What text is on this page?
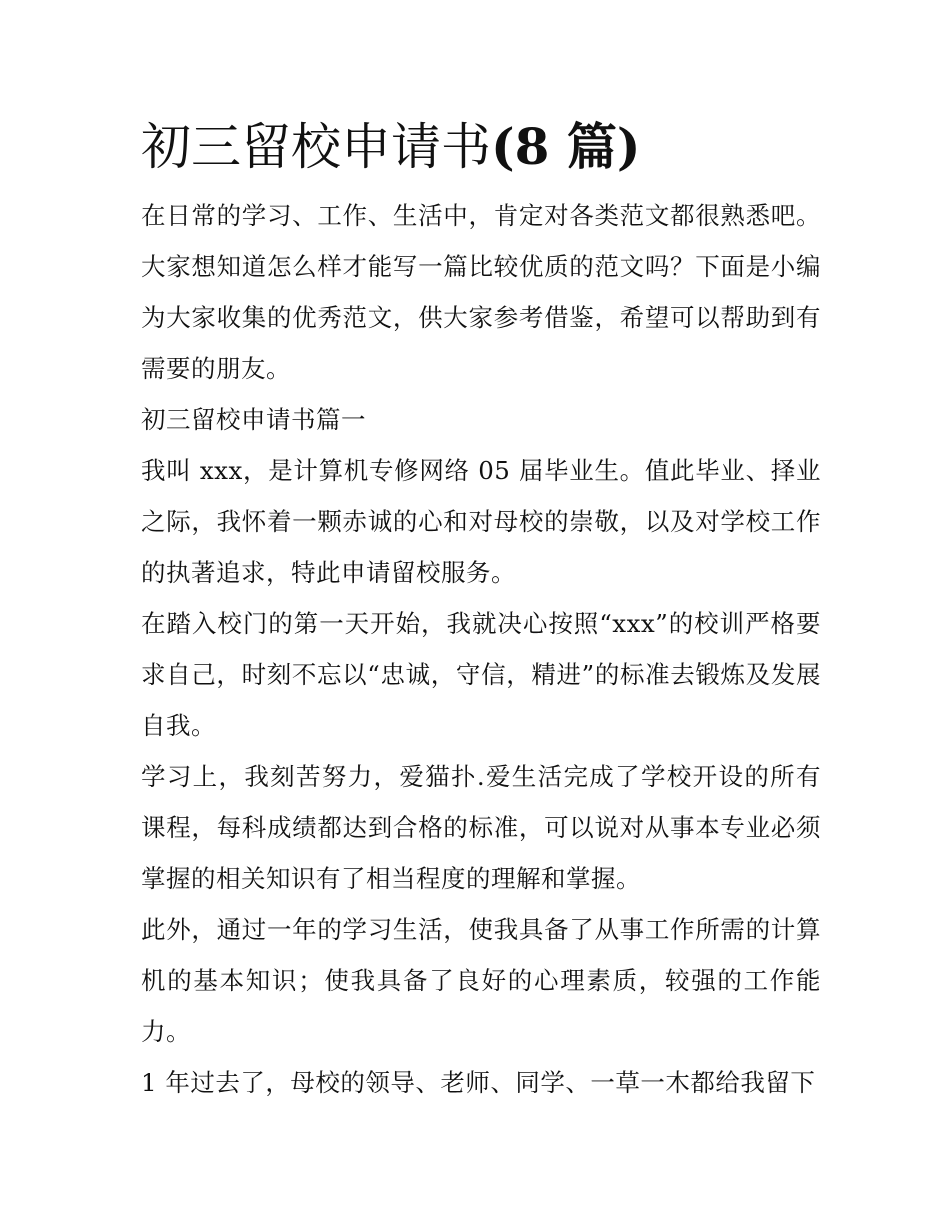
初三留校申请书(8 篇)

在日常的学习、工作、生活中，肯定对各类范文都很熟悉吧。大家想知道怎么样才能写一篇比较优质的范文吗？下面是小编为大家收集的优秀范文，供大家参考借鉴，希望可以帮助到有需要的朋友。

初三留校申请书篇一

我叫 xxx，是计算机专修网络 05 届毕业生。值此毕业、择业之际，我怀着一颗赤诚的心和对母校的崇敬，以及对学校工作的执著追求，特此申请留校服务。

在踏入校门的第一天开始，我就决心按照“xxx”的校训严格要求自己，时刻不忘以“忠诚，守信，精进”的标准去锻炼及发展自我。

学习上，我刻苦努力，爱猫扑.爱生活完成了学校开设的所有课程，每科成绩都达到合格的标准，可以说对从事本专业必须掌握的相关知识有了相当程度的理解和掌握。

此外，通过一年的学习生活，使我具备了从事工作所需的计算机的基本知识；使我具备了良好的心理素质，较强的工作能力。

1 年过去了，母校的领导、老师、同学、一草一木都给我留下
